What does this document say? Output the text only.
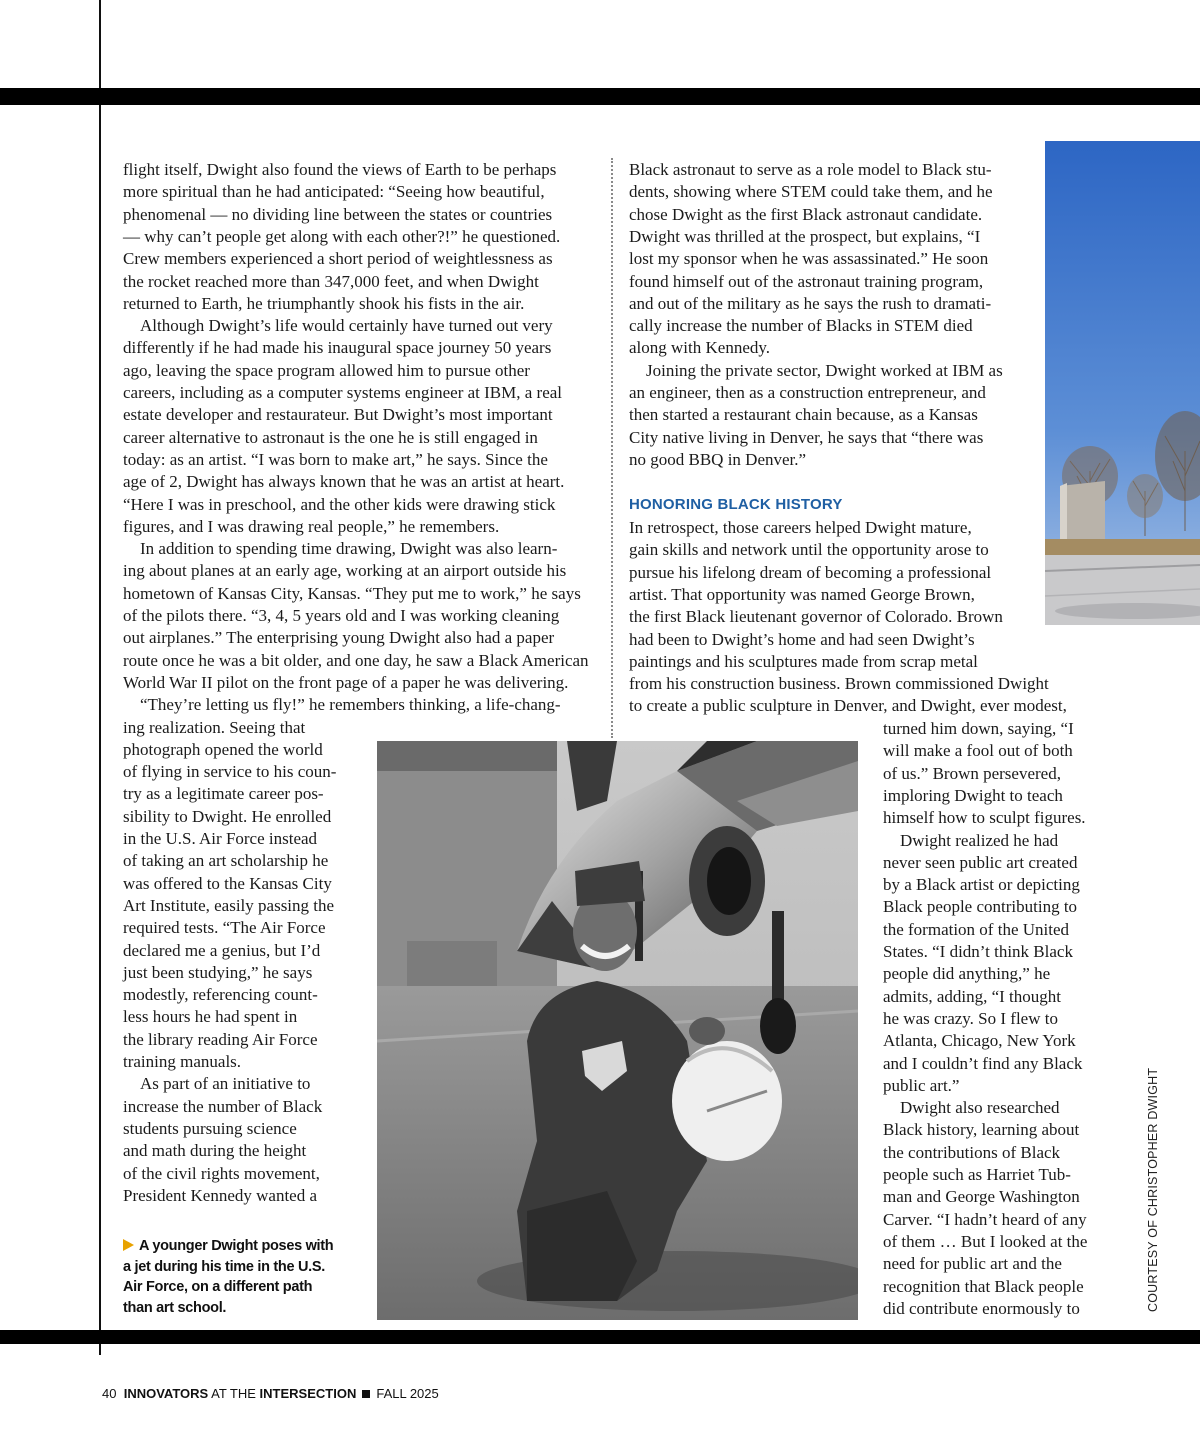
flight itself, Dwight also found the views of Earth to be perhaps
more spiritual than he had anticipated: “Seeing how beautiful,
phenomenal — no dividing line between the states or countries
— why can’t people get along with each other?!” he questioned.
Crew members experienced a short period of weightlessness as
the rocket reached more than 347,000 feet, and when Dwight
returned to Earth, he triumphantly shook his fists in the air.
Although Dwight’s life would certainly have turned out very
differently if he had made his inaugural space journey 50 years
ago, leaving the space program allowed him to pursue other
careers, including as a computer systems engineer at IBM, a real
estate developer and restaurateur. But Dwight’s most important
career alternative to astronaut is the one he is still engaged in
today: as an artist. “I was born to make art,” he says. Since the
age of 2, Dwight has always known that he was an artist at heart.
“Here I was in preschool, and the other kids were drawing stick
figures, and I was drawing real people,” he remembers.
In addition to spending time drawing, Dwight was also learn-
ing about planes at an early age, working at an airport outside his
hometown of Kansas City, Kansas. “They put me to work,” he says
of the pilots there. “3, 4, 5 years old and I was working cleaning
out airplanes.” The enterprising young Dwight also had a paper
route once he was a bit older, and one day, he saw a Black American
World War II pilot on the front page of a paper he was delivering.
“They’re letting us fly!” he remembers thinking, a life-chang-
ing realization. Seeing that
photograph opened the world
of flying in service to his coun-
try as a legitimate career pos-
sibility to Dwight. He enrolled
in the U.S. Air Force instead
of taking an art scholarship he
was offered to the Kansas City
Art Institute, easily passing the
required tests. “The Air Force
declared me a genius, but I’d
just been studying,” he says
modestly, referencing count-
less hours he had spent in
the library reading Air Force
training manuals.
As part of an initiative to
increase the number of Black
students pursuing science
and math during the height
of the civil rights movement,
President Kennedy wanted a
Black astronaut to serve as a role model to Black stu-
dents, showing where STEM could take them, and he
chose Dwight as the first Black astronaut candidate.
Dwight was thrilled at the prospect, but explains, “I
lost my sponsor when he was assassinated.” He soon
found himself out of the astronaut training program,
and out of the military as he says the rush to dramati-
cally increase the number of Blacks in STEM died
along with Kennedy.
Joining the private sector, Dwight worked at IBM as
an engineer, then as a construction entrepreneur, and
then started a restaurant chain because, as a Kansas
City native living in Denver, he says that “there was
no good BBQ in Denver.”
HONORING BLACK HISTORY
In retrospect, those careers helped Dwight mature,
gain skills and network until the opportunity arose to
pursue his lifelong dream of becoming a professional
artist. That opportunity was named George Brown,
the first Black lieutenant governor of Colorado. Brown
had been to Dwight’s home and had seen Dwight’s
paintings and his sculptures made from scrap metal
from his construction business. Brown commissioned Dwight
to create a public sculpture in Denver, and Dwight, ever modest,
turned him down, saying, “I
will make a fool out of both
of us.” Brown persevered,
imploring Dwight to teach
himself how to sculpt figures.
Dwight realized he had
never seen public art created
by a Black artist or depicting
Black people contributing to
the formation of the United
States. “I didn’t think Black
people did anything,” he
admits, adding, “I thought
he was crazy. So I flew to
Atlanta, Chicago, New York
and I couldn’t find any Black
public art.”
Dwight also researched
Black history, learning about
the contributions of Black
people such as Harriet Tub-
man and George Washington
Carver. “I hadn’t heard of any
of them … But I looked at the
need for public art and the
recognition that Black people
did contribute enormously to
A younger Dwight poses with a jet during his time in the U.S. Air Force, on a different path than art school.	COURTESY OF CHRISTOPHER DWIGHT
40 INNOVATORS AT THE INTERSECTION FALL 2025
